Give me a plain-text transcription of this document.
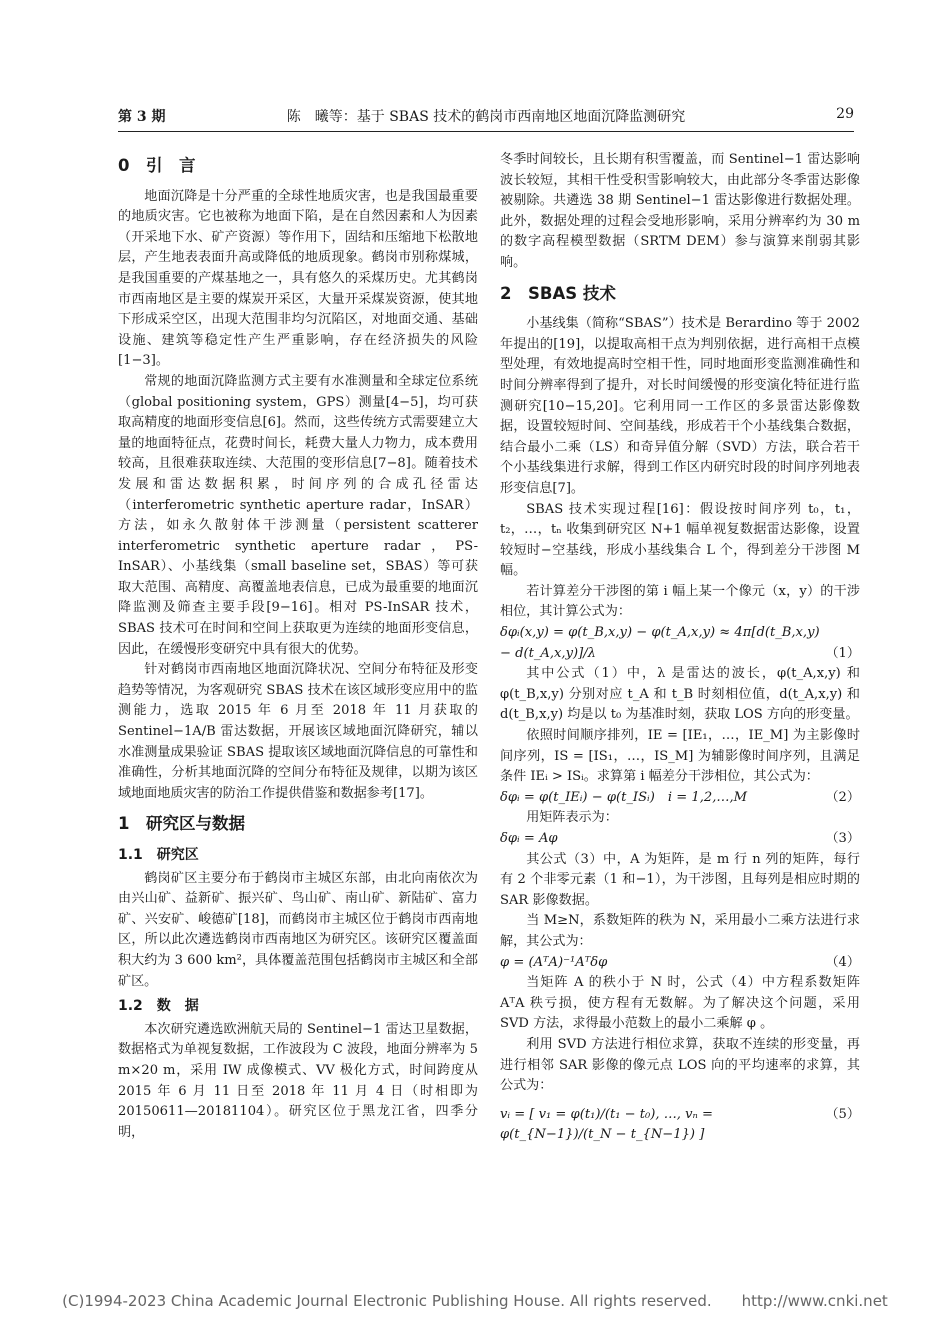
第 3 期	陈　曦等：基于 SBAS 技术的鹤岗市西南地区地面沉降监测研究	29
0　引　言

地面沉降是十分严重的全球性地质灾害，也是我国最重要的地质灾害。它也被称为地面下陷，是在自然因素和人为因素（开采地下水、矿产资源）等作用下，固结和压缩地下松散地层，产生地表表面升高或降低的地质现象。鹤岗市别称煤城，是我国重要的产煤基地之一，具有悠久的采煤历史。尤其鹤岗市西南地区是主要的煤炭开采区，大量开采煤炭资源，使其地下形成采空区，出现大范围非均匀沉陷区，对地面交通、基础设施、建筑等稳定性产生严重影响，存在经济损失的风险[1−3]。

常规的地面沉降监测方式主要有水准测量和全球定位系统（global positioning system，GPS）测量[4−5]，均可获取高精度的地面形变信息[6]。然而，这些传统方式需要建立大量的地面特征点，花费时间长，耗费大量人力物力，成本费用较高，且很难获取连续、大范围的变形信息[7−8]。随着技术发展和雷达数据积累，时间序列的合成孔径雷达（interferometric synthetic aperture radar，InSAR）方法，如永久散射体干涉测量（persistent scatterer interferometric synthetic aperture radar，PS-InSAR）、小基线集（small baseline set，SBAS）等可获取大范围、高精度、高覆盖地表信息，已成为最重要的地面沉降监测及筛查主要手段[9−16]。相对 PS-InSAR 技术，SBAS 技术可在时间和空间上获取更为连续的地面形变信息，因此，在缓慢形变研究中具有很大的优势。

针对鹤岗市西南地区地面沉降状况、空间分布特征及形变趋势等情况，为客观研究 SBAS 技术在该区域形变应用中的监测能力，选取 2015 年 6 月至 2018 年 11 月获取的 Sentinel−1A/B 雷达数据，开展该区域地面沉降研究，辅以水准测量成果验证 SBAS 提取该区域地面沉降信息的可靠性和准确性，分析其地面沉降的空间分布特征及规律，以期为该区域地面地质灾害的防治工作提供借鉴和数据参考[17]。

1　研究区与数据
1.1　研究区

鹤岗矿区主要分布于鹤岗市主城区东部，由北向南依次为由兴山矿、益新矿、振兴矿、鸟山矿、南山矿、新陆矿、富力矿、兴安矿、峻德矿[18]，而鹤岗市主城区位于鹤岗市西南地区，所以此次遴选鹤岗市西南地区为研究区。该研究区覆盖面积大约为 3 600 km²，具体覆盖范围包括鹤岗市主城区和全部矿区。

1.2　数　据

本次研究遴选欧洲航天局的 Sentinel−1 雷达卫星数据，数据格式为单视复数据，工作波段为 C 波段，地面分辨率为 5 m×20 m，采用 IW 成像模式、VV 极化方式，时间跨度从 2015 年 6 月 11 日至 2018 年 11 月 4 日（时相即为 20150611—20181104）。研究区位于黑龙江省，四季分明，

冬季时间较长，且长期有积雪覆盖，而 Sentinel−1 雷达影响波长较短，其相干性受积雪影响较大，由此部分冬季雷达影像被剔除。共遴选 38 期 Sentinel−1 雷达影像进行数据处理。此外，数据处理的过程会受地形影响，采用分辨率约为 30 m 的数字高程模型数据（SRTM DEM）参与演算来削弱其影响。

2　SBAS 技术

小基线集（简称“SBAS”）技术是 Berardino 等于 2002 年提出的[19]，以提取高相干点为判别依据，进行高相干点模型处理，有效地提高时空相干性，同时地面形变监测准确性和时间分辨率得到了提升，对长时间缓慢的形变演化特征进行监测研究[10−15,20]。它利用同一工作区的多景雷达影像数据，设置较短时间、空间基线，形成若干个小基线集合数据，结合最小二乘（LS）和奇异值分解（SVD）方法，联合若干个小基线集进行求解，得到工作区内研究时段的时间序列地表形变信息[7]。

SBAS 技术实现过程[16]：假设按时间序列 t₀，t₁，t₂，…，tₙ 收集到研究区 N+1 幅单视复数据雷达影像，设置较短时−空基线，形成小基线集合 L 个，得到差分干涉图 M 幅。

若计算差分干涉图的第 i 幅上某一个像元（x，y）的干涉相位，其计算公式为：

δφᵢ(x,y) = φ(t_B,x,y) − φ(t_A,x,y) ≈ 4π[d(t_B,x,y)
− d(t_A,x,y)]/λ	（1）

其中公式（1）中，λ 是雷达的波长，φ(t_A,x,y) 和 φ(t_B,x,y) 分别对应 t_A 和 t_B 时刻相位值，d(t_A,x,y) 和 d(t_B,x,y) 均是以 t₀ 为基准时刻，获取 LOS 方向的形变量。

依照时间顺序排列，IE = [IE₁，…，IE_M] 为主影像时间序列，IS = [IS₁，…，IS_M] 为辅影像时间序列，且满足条件 IEᵢ > ISᵢ。求算第 i 幅差分干涉相位，其公式为：

δφᵢ = φ(t_IEᵢ) − φ(t_ISᵢ)　i = 1,2,…,M	（2）

用矩阵表示为：

δφᵢ = Aφ	（3）

其公式（3）中，A 为矩阵，是 m 行 n 列的矩阵，每行有 2 个非零元素（1 和−1），为干涉图，且每列是相应时期的 SAR 影像数据。

当 M≥N，系数矩阵的秩为 N，采用最小二乘方法进行求解，其公式为：

φ = (AᵀA)⁻¹Aᵀδφ	（4）

当矩阵 A 的秩小于 N 时，公式（4）中方程系数矩阵 AᵀA 秩亏损，使方程有无数解。为了解决这个问题，采用 SVD 方法，求得最小范数上的最小二乘解 φ 。

利用 SVD 方法进行相位求算，获取不连续的形变量，再进行相邻 SAR 影像的像元点 LOS 向的平均速率的求算，其公式为：

vᵢ = [ v₁ = φ(t₁)/(t₁ − t₀), …, vₙ = φ(t_{N−1})/(t_N − t_{N−1}) ]
（5）
(C)1994-2023 China Academic Journal Electronic Publishing House. All rights reserved.　　http://www.cnki.net
